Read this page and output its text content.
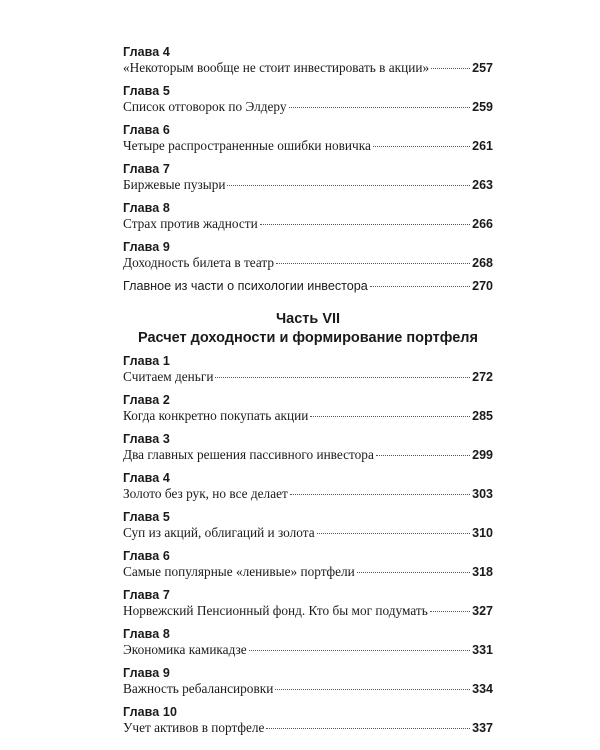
Глава 4
«Некоторым вообще не стоит инвестировать в акции»	257
Глава 5
Список отговорок по Элдеру	259
Глава 6
Четыре распространенные ошибки новичка	261
Глава 7
Биржевые пузыри	263
Глава 8
Страх против жадности	266
Глава 9
Доходность билета в театр	268
Главное из части о психологии инвестора	270
Часть VII
Расчет доходности и формирование портфеля
Глава 1
Считаем деньги	272
Глава 2
Когда конкретно покупать акции	285
Глава 3
Два главных решения пассивного инвестора	299
Глава 4
Золото без рук, но все делает	303
Глава 5
Суп из акций, облигаций и золота	310
Глава 6
Самые популярные «ленивые» портфели	318
Глава 7
Норвежский Пенсионный фонд. Кто бы мог подумать	327
Глава 8
Экономика камикадзе	331
Глава 9
Важность ребалансировки	334
Глава 10
Учет активов в портфеле	337
